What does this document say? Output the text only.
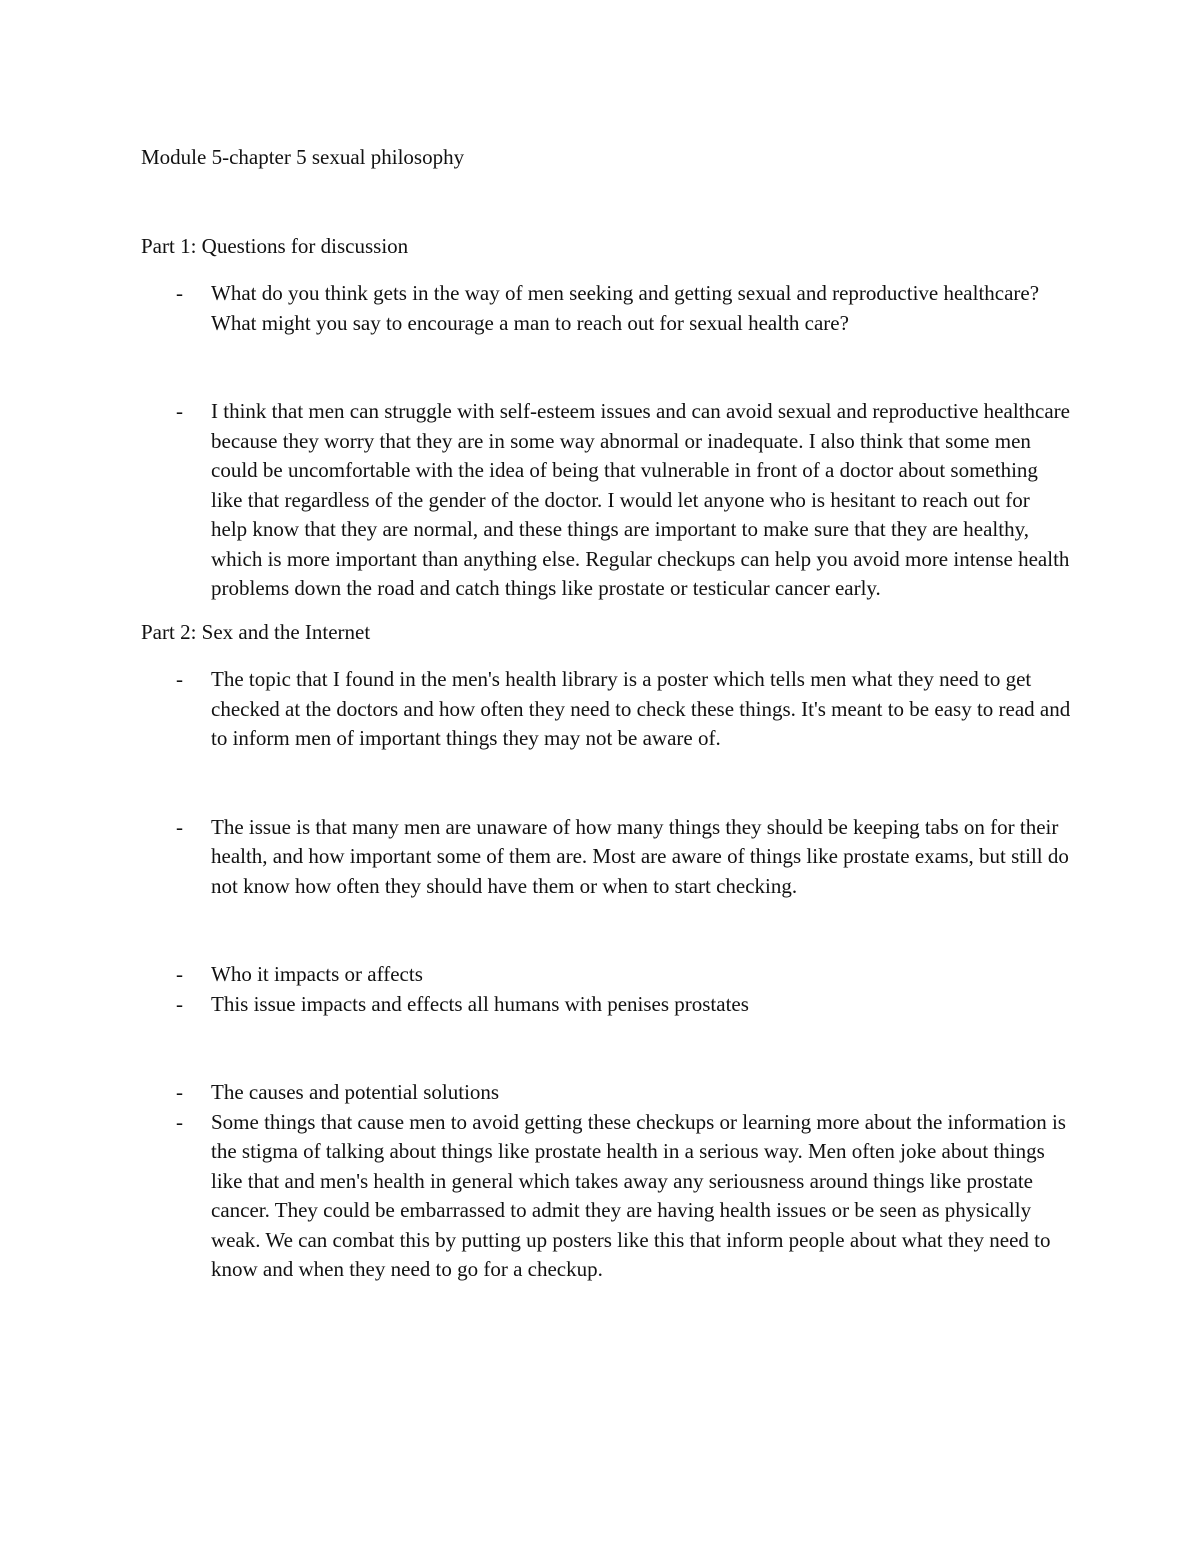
Module 5-chapter 5 sexual philosophy

Part 1: Questions for discussion

-	What do you think gets in the way of men seeking and getting sexual and reproductive healthcare? What might you say to encourage a man to reach out for sexual health care?
-	I think that men can struggle with self-esteem issues and can avoid sexual and reproductive healthcare because they worry that they are in some way abnormal or inadequate. I also think that some men could be uncomfortable with the idea of being that vulnerable in front of a doctor about something like that regardless of the gender of the doctor. I would let anyone who is hesitant to reach out for help know that they are normal, and these things are important to make sure that they are healthy, which is more important than anything else. Regular checkups can help you avoid more intense health problems down the road and catch things like prostate or testicular cancer early.

Part 2: Sex and the Internet

-	The topic that I found in the men's health library is a poster which tells men what they need to get checked at the doctors and how often they need to check these things. It's meant to be easy to read and to inform men of important things they may not be aware of.
-	The issue is that many men are unaware of how many things they should be keeping tabs on for their health, and how important some of them are. Most are aware of things like prostate exams, but still do not know how often they should have them or when to start checking.
-	Who it impacts or affects
-	This issue impacts and effects all humans with penises prostates
-	The causes and potential solutions
-	Some things that cause men to avoid getting these checkups or learning more about the information is the stigma of talking about things like prostate health in a serious way. Men often joke about things like that and men's health in general which takes away any seriousness around things like prostate cancer. They could be embarrassed to admit they are having health issues or be seen as physically weak. We can combat this by putting up posters like this that inform people about what they need to know and when they need to go for a checkup.
